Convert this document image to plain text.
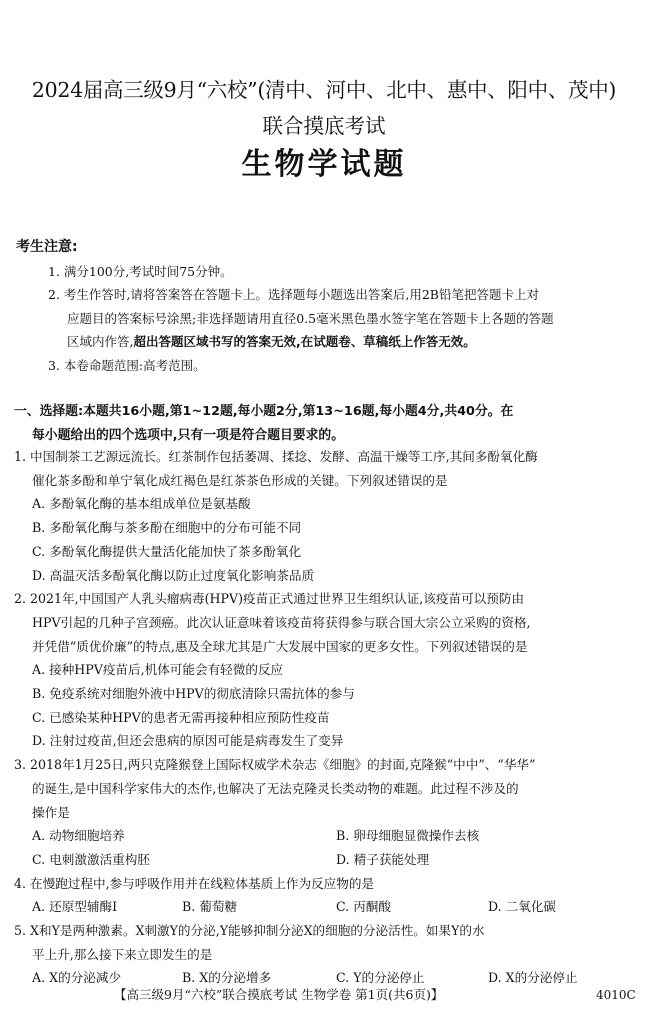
2024届高三级9月“六校”(清中、河中、北中、惠中、阳中、茂中)
联合摸底考试
生物学试题
考生注意:
1. 满分100分,考试时间75分钟。
2. 考生作答时,请将答案答在答题卡上。选择题每小题选出答案后,用2B铅笔把答题卡上对
应题目的答案标号涂黑;非选择题请用直径0.5毫米黑色墨水签字笔在答题卡上各题的答题
区域内作答,超出答题区域书写的答案无效,在试题卷、草稿纸上作答无效。
3. 本卷命题范围:高考范围。
一、选择题:本题共16小题,第1~12题,每小题2分,第13~16题,每小题4分,共40分。在
每小题给出的四个选项中,只有一项是符合题目要求的。
1. 中国制茶工艺源远流长。红茶制作包括萎凋、揉捻、发酵、高温干燥等工序,其间多酚氧化酶
催化茶多酚和单宁氧化成红褐色是红茶茶色形成的关键。下列叙述错误的是
A. 多酚氧化酶的基本组成单位是氨基酸
B. 多酚氧化酶与茶多酚在细胞中的分布可能不同
C. 多酚氧化酶提供大量活化能加快了茶多酚氧化
D. 高温灭活多酚氧化酶以防止过度氧化影响茶品质
2. 2021年,中国国产人乳头瘤病毒(HPV)疫苗正式通过世界卫生组织认证,该疫苗可以预防由
HPV引起的几种子宫颈癌。此次认证意味着该疫苗将获得参与联合国大宗公立采购的资格,
并凭借“质优价廉”的特点,惠及全球尤其是广大发展中国家的更多女性。下列叙述错误的是
A. 接种HPV疫苗后,机体可能会有轻微的反应
B. 免疫系统对细胞外液中HPV的彻底清除只需抗体的参与
C. 已感染某种HPV的患者无需再接种相应预防性疫苗
D. 注射过疫苗,但还会患病的原因可能是病毒发生了变异
3. 2018年1月25日,两只克隆猴登上国际权威学术杂志《细胞》的封面,克隆猴“中中”、“华华”
的诞生,是中国科学家伟大的杰作,也解决了无法克隆灵长类动物的难题。此过程不涉及的
操作是
A. 动物细胞培养	B. 卵母细胞显微操作去核
C. 电刺激激活重构胚	D. 精子获能处理
4. 在慢跑过程中,参与呼吸作用并在线粒体基质上作为反应物的是
A. 还原型辅酶Ⅰ	B. 葡萄糖	C. 丙酮酸	D. 二氧化碳
5. X和Y是两种激素。X刺激Y的分泌,Y能够抑制分泌X的细胞的分泌活性。如果Y的水
平上升,那么接下来立即发生的是
A. X的分泌减少	B. X的分泌增多	C. Y的分泌停止	D. X的分泌停止
【高三级9月“六校”联合摸底考试 生物学卷 第1页(共6页)】	4010C
